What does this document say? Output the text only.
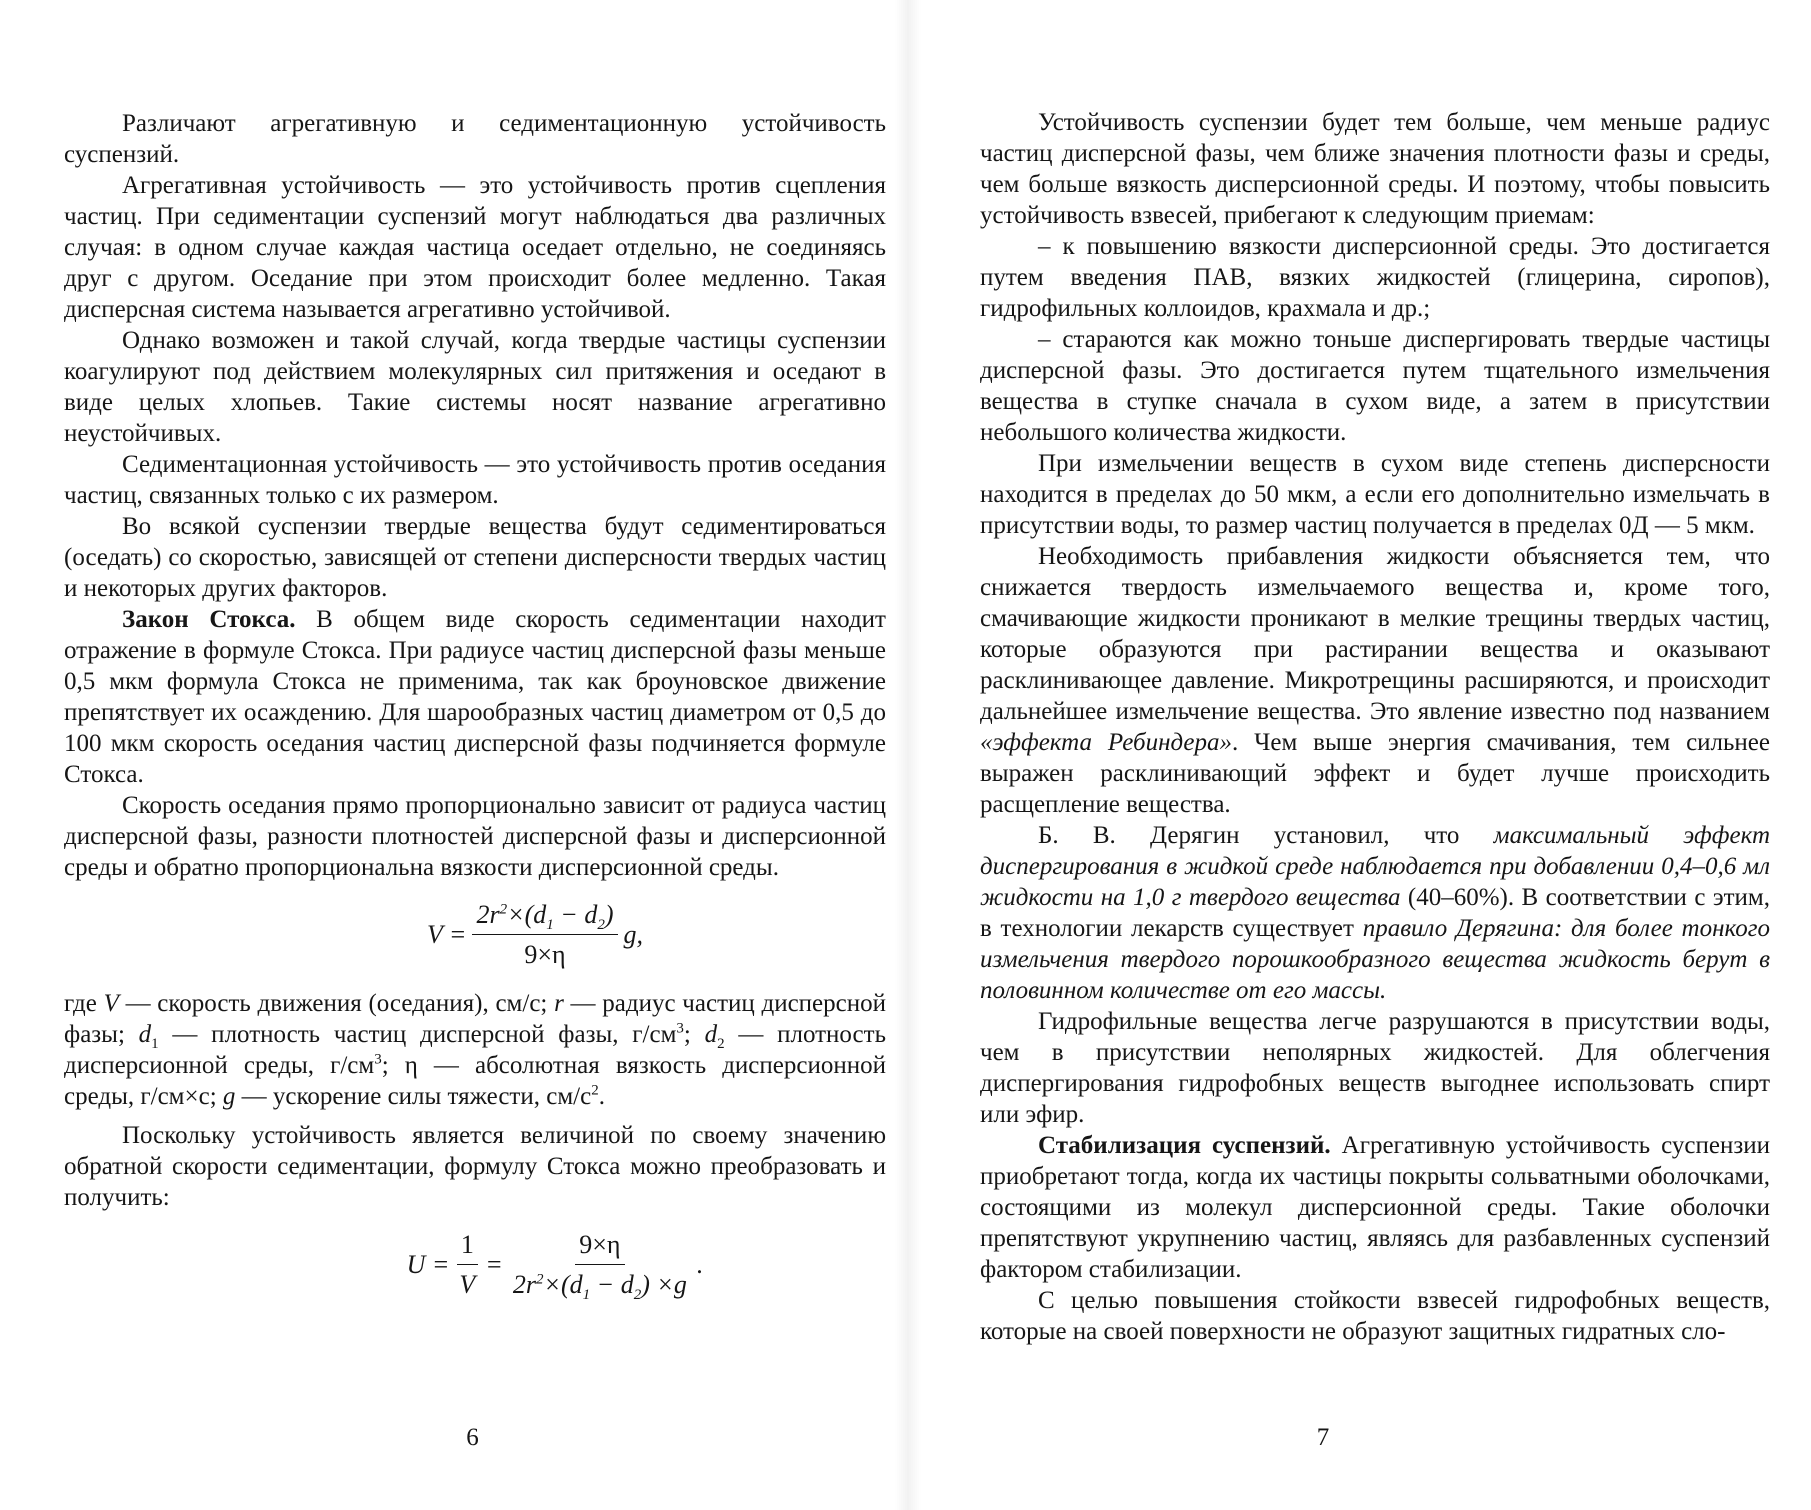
Различают агрегативную и седиментационную устойчивость суспензий.

Агрегативная устойчивость — это устойчивость против сцепления частиц. При седиментации суспензий могут наблюдаться два различных случая: в одном случае каждая частица оседает отдельно, не соединяясь друг с другом. Оседание при этом происходит более медленно. Такая дисперсная система называется агрегативно устойчивой.

Однако возможен и такой случай, когда твердые частицы суспензии коагулируют под действием молекулярных сил притяжения и оседают в виде целых хлопьев. Такие системы носят название агрегативно неустойчивых.

Седиментационная устойчивость — это устойчивость против оседания частиц, связанных только с их размером.

Во всякой суспензии твердые вещества будут седиментироваться (оседать) со скоростью, зависящей от степени дисперсности твердых частиц и некоторых других факторов.

Закон Стокса. В общем виде скорость седиментации находит отражение в формуле Стокса. При радиусе частиц дисперсной фазы меньше 0,5 мкм формула Стокса не применима, так как броуновское движение препятствует их осаждению. Для шарообразных частиц диаметром от 0,5 до 100 мкм скорость оседания частиц дисперсной фазы подчиняется формуле Стокса.

Скорость оседания прямо пропорционально зависит от радиуса частиц дисперсной фазы, разности плотностей дисперсной фазы и дисперсионной среды и обратно пропорциональна вязкости дисперсионной среды.

$V = \frac{2r^2\times(d_1 - d_2)}{9\times\eta} g$,

где V — скорость движения (оседания), см/с; r — радиус частиц дисперсной фазы; $d_1$ — плотность частиц дисперсной фазы, $г/см^3$; $d_2$ — плотность дисперсионной среды, $г/см^3$; η — абсолютная вязкость дисперсионной среды, г/см×с; g — ускорение силы тяжести, $см/с^2$.

Поскольку устойчивость является величиной по своему значению обратной скорости седиментации, формулу Стокса можно преобразовать и получить:

$U = \frac{1}{V} = \frac{9\times\eta}{2r^2\times(d_1 - d_2) \times g}$ .
6

Устойчивость суспензии будет тем больше, чем меньше радиус частиц дисперсной фазы, чем ближе значения плотности фазы и среды, чем больше вязкость дисперсионной среды. И поэтому, чтобы повысить устойчивость взвесей, прибегают к следующим приемам:

– к повышению вязкости дисперсионной среды. Это достигается путем введения ПАВ, вязких жидкостей (глицерина, сиропов), гидрофильных коллоидов, крахмала и др.;

– стараются как можно тоньше диспергировать твердые частицы дисперсной фазы. Это достигается путем тщательного измельчения вещества в ступке сначала в сухом виде, а затем в присутствии небольшого количества жидкости.

При измельчении веществ в сухом виде степень дисперсности находится в пределах до 50 мкм, а если его дополнительно измельчать в присутствии воды, то размер частиц получается в пределах 0Д — 5 мкм.

Необходимость прибавления жидкости объясняется тем, что снижается твердость измельчаемого вещества и, кроме того, смачивающие жидкости проникают в мелкие трещины твердых частиц, которые образуются при растирании вещества и оказывают расклинивающее давление. Микротрещины расширяются, и происходит дальнейшее измельчение вещества. Это явление известно под названием «эффекта Ребиндера». Чем выше энергия смачивания, тем сильнее выражен расклинивающий эффект и будет лучше происходить расщепление вещества.

Б. В. Дерягин установил, что максимальный эффект диспергирования в жидкой среде наблюдается при добавлении 0,4–0,6 мл жидкости на 1,0 г твердого вещества (40–60%). В соответствии с этим, в технологии лекарств существует правило Дерягина: для более тонкого измельчения твердого порошкообразного вещества жидкость берут в половинном количестве от его массы.

Гидрофильные вещества легче разрушаются в присутствии воды, чем в присутствии неполярных жидкостей. Для облегчения диспергирования гидрофобных веществ выгоднее использовать спирт или эфир.

Стабилизация суспензий. Агрегативную устойчивость суспензии приобретают тогда, когда их частицы покрыты сольватными оболочками, состоящими из молекул дисперсионной среды. Такие оболочки препятствуют укрупнению частиц, являясь для разбавленных суспензий фактором стабилизации.

С целью повышения стойкости взвесей гидрофобных веществ, которые на своей поверхности не образуют защитных гидратных сло-

7
